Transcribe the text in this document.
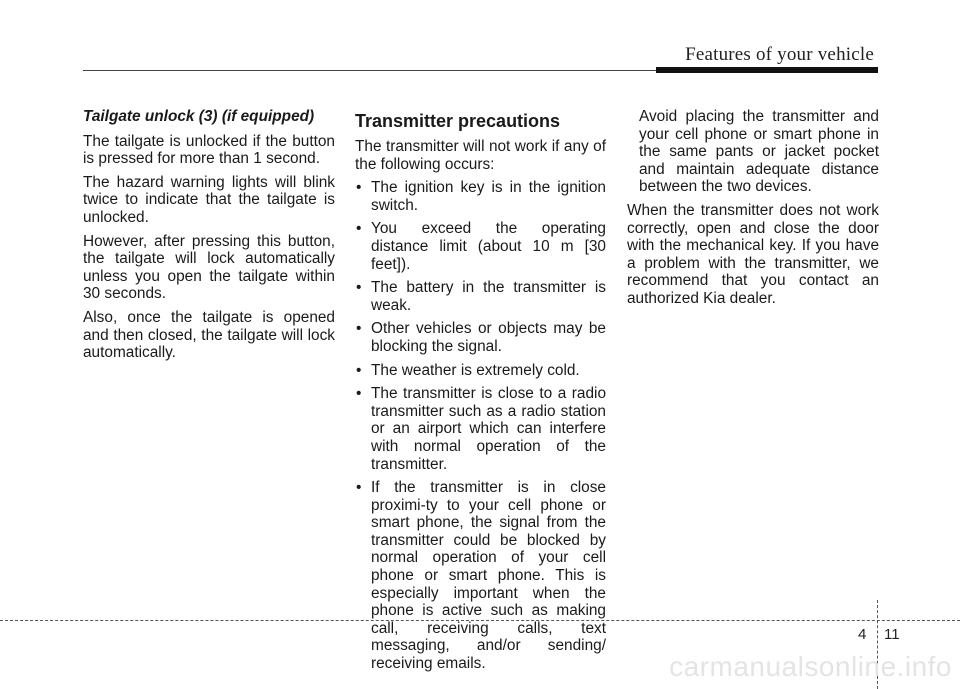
Features of your vehicle
Tailgate unlock (3) (if equipped)

The tailgate is unlocked if the button is pressed for more than 1 second.

The hazard warning lights will blink twice to indicate that the tailgate is unlocked.

However, after pressing this button, the tailgate will lock automatically unless you open the tailgate within 30 seconds.

Also, once the tailgate is opened and then closed, the tailgate will lock automatically.

Transmitter precautions

The transmitter will not work if any of the following occurs:

• The ignition key is in the ignition switch.
• You exceed the operating distance limit (about 10 m [30 feet]).
• The battery in the transmitter is weak.
• Other vehicles or objects may be blocking the signal.
• The weather is extremely cold.
• The transmitter is close to a radio transmitter such as a radio station or an airport which can interfere with normal operation of the transmitter.
• If the transmitter is in close proximi-ty to your cell phone or smart phone, the signal from the transmitter could be blocked by normal operation of your cell phone or smart phone. This is especially important when the phone is active such as making call, receiving calls, text messaging, and/or sending/ receiving emails.

Avoid placing the transmitter and your cell phone or smart phone in the same pants or jacket pocket and maintain adequate distance between the two devices.

When the transmitter does not work correctly, open and close the door with the mechanical key. If you have a problem with the transmitter, we recommend that you contact an authorized Kia dealer.

4 11
carmanualsonline.info
